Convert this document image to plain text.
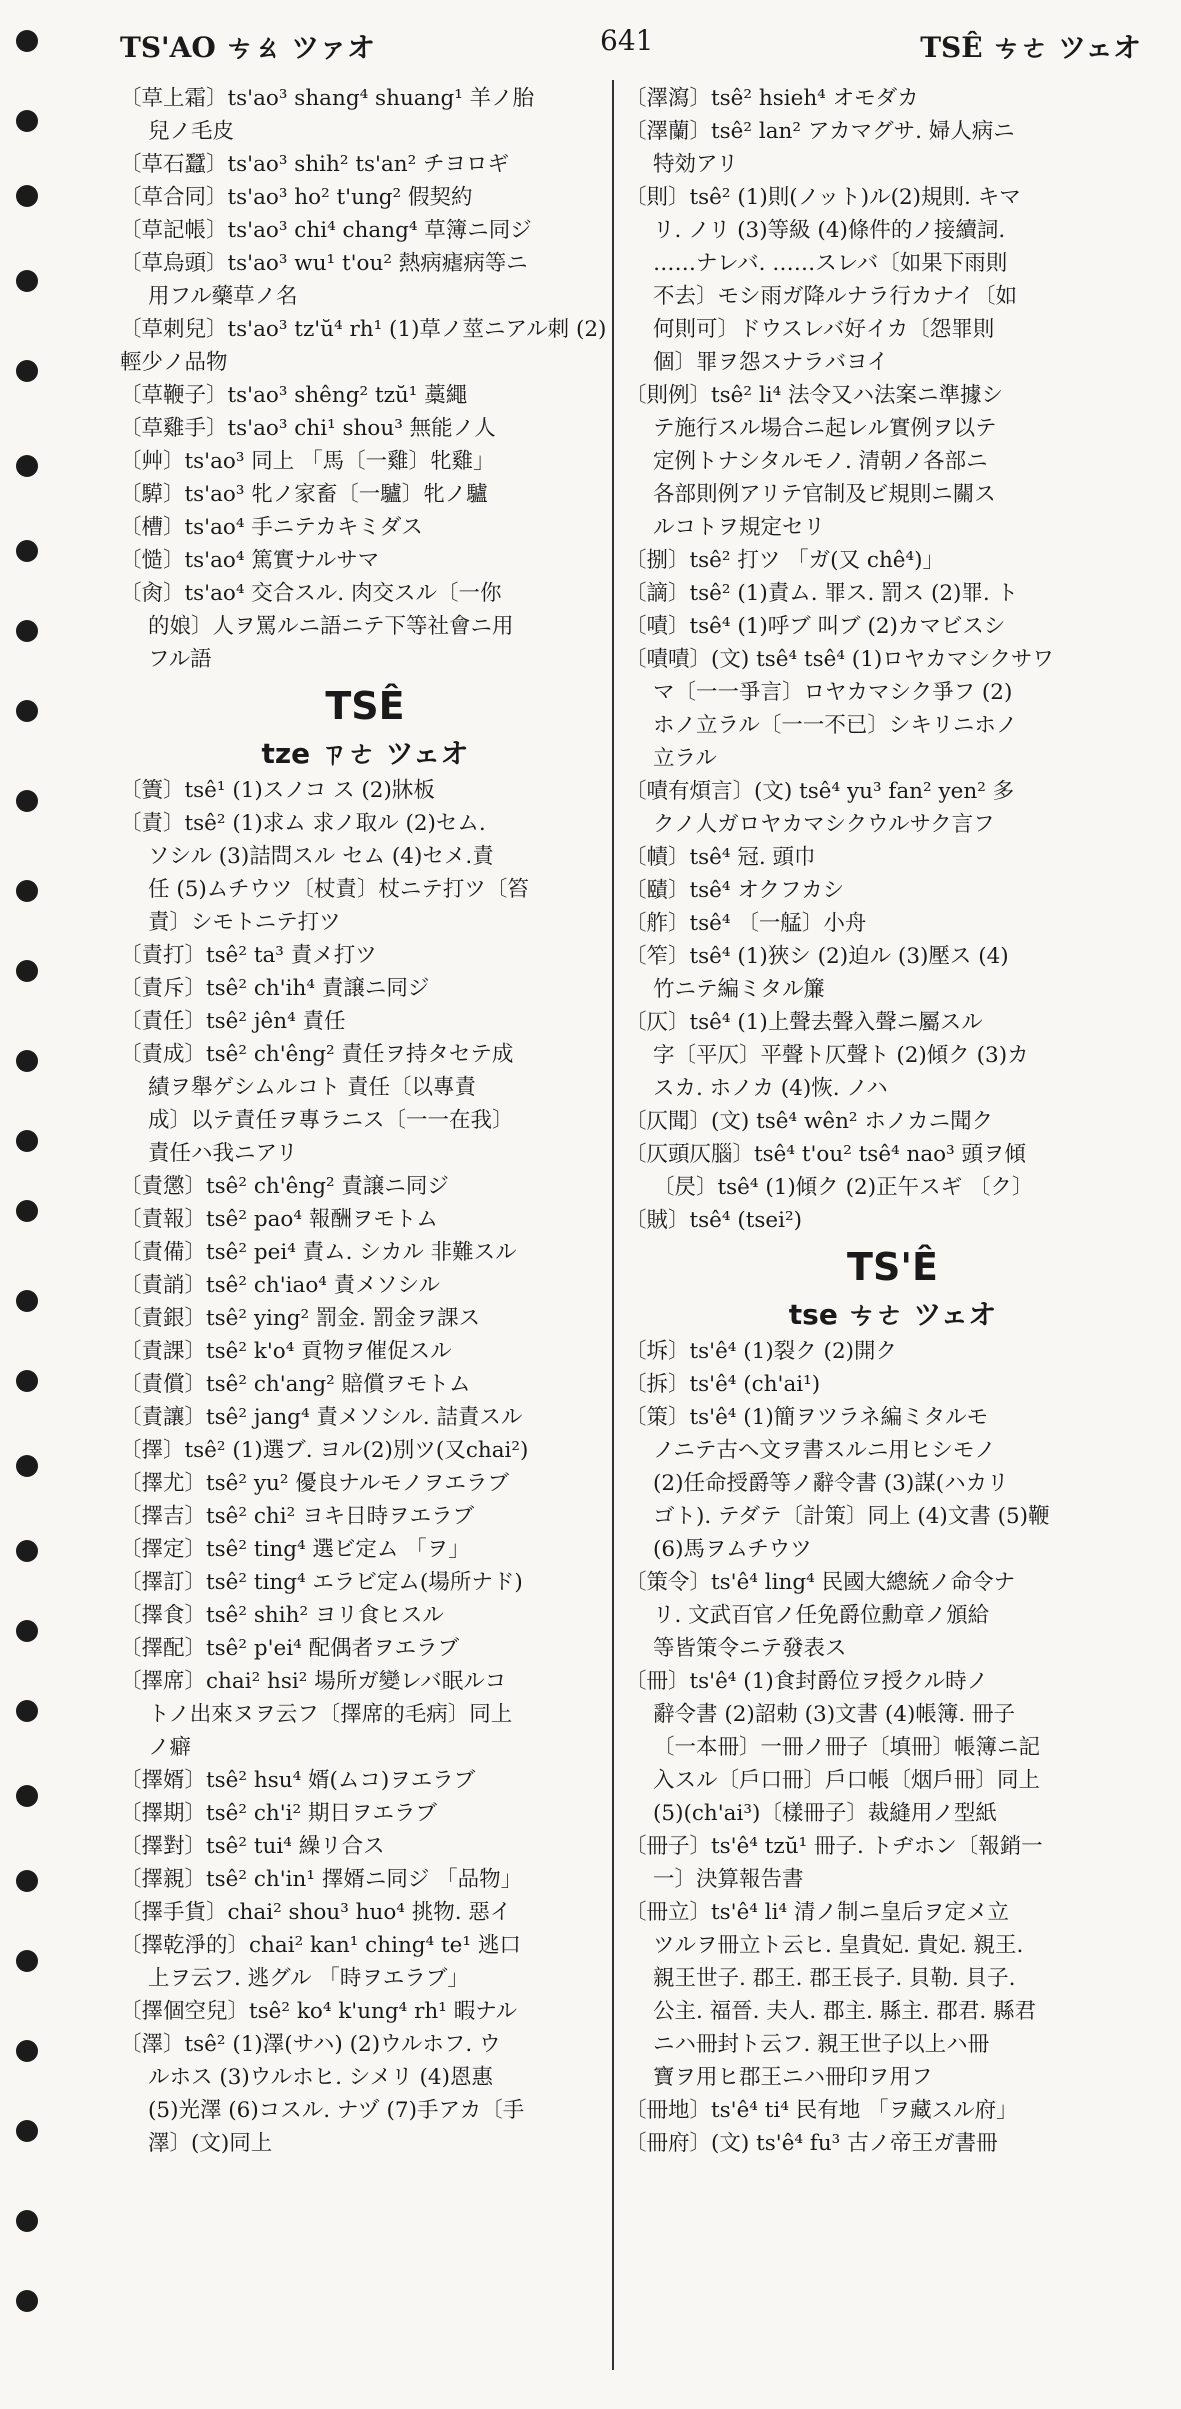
TS'AO ㄘㄠ ツァオ	641	TSÊ ㄘㄜ ツェオ

〔草上霜〕ts'ao³ shang⁴ shuang¹ 羊ノ胎
兒ノ毛皮

〔草石蠶〕ts'ao³ shih² ts'an² チヨロギ

〔草合同〕ts'ao³ ho² t'ung² 假契約

〔草記帳〕ts'ao³ chi⁴ chang⁴ 草簿ニ同ジ

〔草烏頭〕ts'ao³ wu¹ t'ou² 熱病瘧病等ニ
用フル藥草ノ名

〔草刺兒〕ts'ao³ tz'ŭ⁴ rh¹ (1)草ノ莖ニアル刺 (2)輕少ノ品物

〔草鞭子〕ts'ao³ shêng² tzŭ¹ 藁繩

〔草雞手〕ts'ao³ chi¹ shou³ 無能ノ人

〔艸〕ts'ao³ 同上 「馬〔一雞〕牝雞」

〔騲〕ts'ao³ 牝ノ家畜〔一驢〕牝ノ驢

〔槽〕ts'ao⁴ 手ニテカキミダス

〔慥〕ts'ao⁴ 篤實ナルサマ

〔肏〕ts'ao⁴ 交合スル. 肉交スル〔一你
的娘〕人ヲ罵ルニ語ニテ下等社會ニ用
フル語

TSÊ
tze ㄗㄜ ツェオ

〔簀〕tsê¹ (1)スノコ ス (2)牀板

〔責〕tsê² (1)求ム 求ノ取ル (2)セム.
ソシル (3)詰問スル セム (4)セメ.責
任 (5)ムチウツ〔杖責〕杖ニテ打ツ〔笞
責〕シモトニテ打ツ

〔責打〕tsê² ta³ 責メ打ツ

〔責斥〕tsê² ch'ih⁴ 責譲ニ同ジ

〔責任〕tsê² jên⁴ 責任

〔責成〕tsê² ch'êng² 責任ヲ持タセテ成
績ヲ舉ゲシムルコト 責任〔以專責
成〕以テ責任ヲ專ラニス〔一一在我〕
責任ハ我ニアリ

〔責懲〕tsê² ch'êng² 責譲ニ同ジ

〔責報〕tsê² pao⁴ 報酬ヲモトム

〔責備〕tsê² pei⁴ 責ム. シカル 非難スル

〔責誚〕tsê² ch'iao⁴ 責メソシル

〔責銀〕tsê² ying² 罰金. 罰金ヲ課ス

〔責課〕tsê² k'o⁴ 貢物ヲ催促スル

〔責償〕tsê² ch'ang² 賠償ヲモトム

〔責讓〕tsê² jang⁴ 責メソシル. 詰責スル

〔擇〕tsê² (1)選ブ. ヨル(2)別ツ(又chai²)

〔擇尤〕tsê² yu² 優良ナルモノヲエラブ

〔擇吉〕tsê² chi² ヨキ日時ヲエラブ

〔擇定〕tsê² ting⁴ 選ビ定ム 「ヲ」

〔擇訂〕tsê² ting⁴ エラビ定ム(場所ナド)

〔擇食〕tsê² shih² ヨリ食ヒスル

〔擇配〕tsê² p'ei⁴ 配偶者ヲエラブ

〔擇席〕chai² hsi² 場所ガ變レバ眠ルコ
トノ出來ヌヲ云フ〔擇席的毛病〕同上
ノ癖

〔擇婿〕tsê² hsu⁴ 婿(ムコ)ヲエラブ

〔擇期〕tsê² ch'i² 期日ヲエラブ

〔擇對〕tsê² tui⁴ 繰リ合ス

〔擇親〕tsê² ch'in¹ 擇婿ニ同ジ 「品物」

〔擇手貨〕chai² shou³ huo⁴ 挑物. 惡イ

〔擇乾淨的〕chai² kan¹ ching⁴ te¹ 逃口
上ヲ云フ. 逃グル 「時ヲエラブ」

〔擇個空兒〕tsê² ko⁴ k'ung⁴ rh¹ 暇ナル

〔澤〕tsê² (1)澤(サハ) (2)ウルホフ. ウ
ルホス (3)ウルホヒ. シメリ (4)恩惠
(5)光澤 (6)コスル. ナヅ (7)手アカ〔手
澤〕(文)同上

〔澤瀉〕tsê² hsieh⁴ オモダカ

〔澤蘭〕tsê² lan² アカマグサ. 婦人病ニ
特効アリ

〔則〕tsê² (1)則(ノット)ル(2)規則. キマ
リ. ノリ (3)等級 (4)條件的ノ接續詞.
……ナレバ. ……スレバ〔如果下雨則
不去〕モシ雨ガ降ルナラ行カナイ〔如
何則可〕ドウスレバ好イカ〔怨罪則
個〕罪ヲ怨スナラバヨイ

〔則例〕tsê² li⁴ 法令又ハ法案ニ準據シ
テ施行スル場合ニ起レル實例ヲ以テ
定例トナシタルモノ. 清朝ノ各部ニ
各部則例アリテ官制及ビ規則ニ關ス
ルコトヲ規定セリ

〔捌〕tsê² 打ツ 「ガ(又 chê⁴)」

〔謫〕tsê² (1)責ム. 罪ス. 罰ス (2)罪. ト

〔嘖〕tsê⁴ (1)呼ブ 叫ブ (2)カマビスシ

〔嘖嘖〕(文) tsê⁴ tsê⁴ (1)ロヤカマシクサワ
マ〔一一爭言〕ロヤカマシク爭フ (2)
ホノ立ラル〔一一不已〕シキリニホノ
立ラル

〔嘖有煩言〕(文) tsê⁴ yu³ fan² yen² 多
クノ人ガロヤカマシクウルサク言フ

〔幘〕tsê⁴ 冠. 頭巾

〔賾〕tsê⁴ オクフカシ

〔舴〕tsê⁴ 〔一艋〕小舟

〔笮〕tsê⁴ (1)狹シ (2)迫ル (3)壓ス (4)
竹ニテ編ミタル簾

〔仄〕tsê⁴ (1)上聲去聲入聲ニ屬スル
字〔平仄〕平聲ト仄聲ト (2)傾ク (3)カ
スカ. ホノカ (4)恢. ノハ

〔仄聞〕(文) tsê⁴ wên² ホノカニ聞ク

〔仄頭仄腦〕tsê⁴ t'ou² tsê⁴ nao³ 頭ヲ傾
〔昃〕tsê⁴ (1)傾ク (2)正午スギ 〔ク〕

〔賊〕tsê⁴ (tsei²)

TS'Ê
tse ㄘㄜ ツェオ

〔坼〕ts'ê⁴ (1)裂ク (2)開ク

〔拆〕ts'ê⁴ (ch'ai¹)

〔策〕ts'ê⁴ (1)簡ヲツラネ編ミタルモ
ノニテ古ヘ文ヲ書スルニ用ヒシモノ
(2)任命授爵等ノ辭令書 (3)謀(ハカリ
ゴト). テダテ〔計策〕同上 (4)文書 (5)鞭
(6)馬ヲムチウツ

〔策令〕ts'ê⁴ ling⁴ 民國大總統ノ命令ナ
リ. 文武百官ノ任免爵位勳章ノ頒給
等皆策令ニテ發表ス

〔冊〕ts'ê⁴ (1)食封爵位ヲ授クル時ノ
辭令書 (2)詔勅 (3)文書 (4)帳簿. 冊子
〔一本冊〕一冊ノ冊子〔填冊〕帳簿ニ記
入スル〔戶口冊〕戶口帳〔烟戶冊〕同上
(5)(ch'ai³)〔樣冊子〕裁縫用ノ型紙

〔冊子〕ts'ê⁴ tzŭ¹ 冊子. トヂホン〔報銷一
一〕決算報告書

〔冊立〕ts'ê⁴ li⁴ 清ノ制ニ皇后ヲ定メ立
ツルヲ冊立ト云ヒ. 皇貴妃. 貴妃. 親王.
親王世子. 郡王. 郡王長子. 貝勒. 貝子.
公主. 福晉. 夫人. 郡主. 縣主. 郡君. 縣君
ニハ冊封ト云フ. 親王世子以上ハ冊
寶ヲ用ヒ郡王ニハ冊印ヲ用フ

〔冊地〕ts'ê⁴ ti⁴ 民有地 「ヲ藏スル府」

〔冊府〕(文) ts'ê⁴ fu³ 古ノ帝王ガ書冊
